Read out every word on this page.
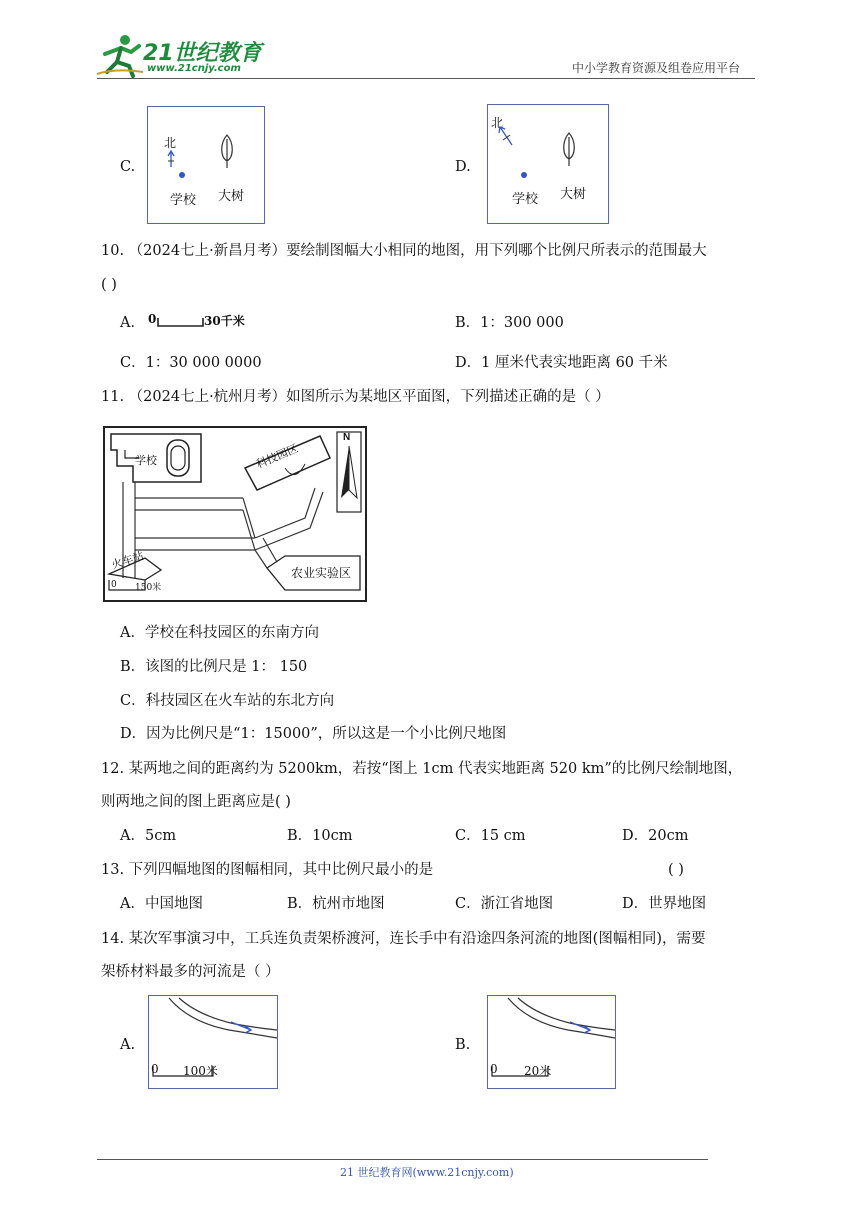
21世纪教育
www.21cnjy.com	中小学教育资源及组卷应用平台
C.
北
学校 大树
D.
北
学校 大树
10. （2024七上·新昌月考）要绘制图幅大小相同的地图，用下列哪个比例尺所表示的范围最大
( )
A． 0	30千米	B．1：300 000
C．1：30 000 0000	D．1 厘米代表实地距离 60 千米
11. （2024七上·杭州月考）如图所示为某地区平面图，下列描述正确的是（ ）
学校	科技园区
N
火车站
农业实验区
0 150米
A．学校在科技园区的东南方向
B．该图的比例尺是 1： 150
C．科技园区在火车站的东北方向
D．因为比例尺是“1：15000”，所以这是一个小比例尺地图
12. 某两地之间的距离约为 5200km，若按“图上 1cm 代表实地距离 520 km”的比例尺绘制地图，
则两地之间的图上距离应是( )
A．5cm	B．10cm	C．15 cm	D．20cm
13. 下列四幅地图的图幅相同，其中比例尺最小的是	( )
A．中国地图	B．杭州市地图	C．浙江省地图	D．世界地图
14. 某次军事演习中，工兵连负责架桥渡河，连长手中有沿途四条河流的地图(图幅相同)，需要
架桥材料最多的河流是（ ）
A.
0 100米
B.
0 20米
21 世纪教育网(www.21cnjy.com)
